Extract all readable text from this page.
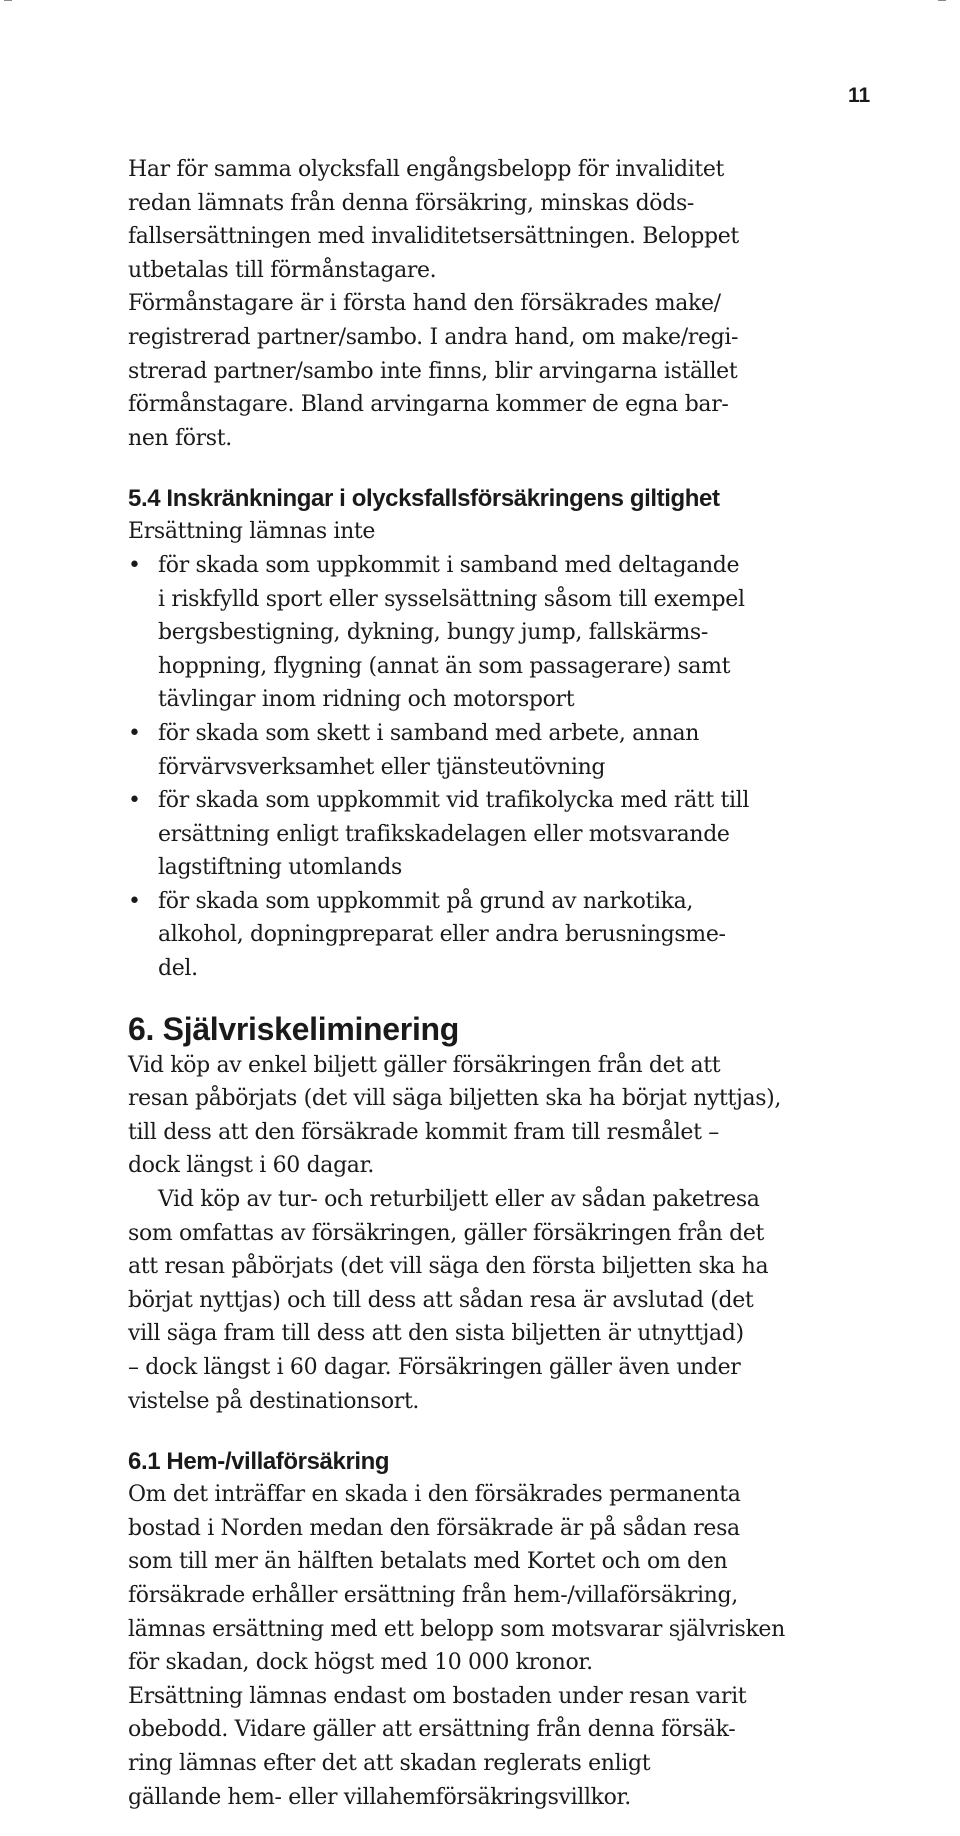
11
Har för samma olycksfall engångsbelopp för invaliditet
redan lämnats från denna försäkring, minskas döds-
fallsersättningen med invaliditetsersättningen. Beloppet
utbetalas till förmånstagare.
Förmånstagare är i första hand den försäkrades make/
registrerad partner/sambo. I andra hand, om make/regi-
strerad partner/sambo inte finns, blir arvingarna istället
förmånstagare. Bland arvingarna kommer de egna bar-
nen först.
5.4 Inskränkningar i olycksfallsförsäkringens giltighet
Ersättning lämnas inte
• för skada som uppkommit i samband med deltagande
i riskfylld sport eller sysselsättning såsom till exempel
bergsbestigning, dykning, bungy jump, fallskärms-
hoppning, flygning (annat än som passagerare) samt
tävlingar inom ridning och motorsport
• för skada som skett i samband med arbete, annan
förvärvsverksamhet eller tjänsteutövning
• för skada som uppkommit vid trafikolycka med rätt till
ersättning enligt trafikskadelagen eller motsvarande
lagstiftning utomlands
• för skada som uppkommit på grund av narkotika,
alkohol, dopningpreparat eller andra berusningsme-
del.
6. Självriskeliminering
Vid köp av enkel biljett gäller försäkringen från det att
resan påbörjats (det vill säga biljetten ska ha börjat nyttjas),
till dess att den försäkrade kommit fram till resmålet –
dock längst i 60 dagar.
Vid köp av tur- och returbiljett eller av sådan paketresa
som omfattas av försäkringen, gäller försäkringen från det
att resan påbörjats (det vill säga den första biljetten ska ha
börjat nyttjas) och till dess att sådan resa är avslutad (det
vill säga fram till dess att den sista biljetten är utnyttjad)
– dock längst i 60 dagar. Försäkringen gäller även under
vistelse på destinationsort.
6.1 Hem-/villaförsäkring
Om det inträffar en skada i den försäkrades permanenta
bostad i Norden medan den försäkrade är på sådan resa
som till mer än hälften betalats med Kortet och om den
försäkrade erhåller ersättning från hem-/villaförsäkring,
lämnas ersättning med ett belopp som motsvarar självrisken
för skadan, dock högst med 10 000 kronor.
Ersättning lämnas endast om bostaden under resan varit
obebodd. Vidare gäller att ersättning från denna försäk-
ring lämnas efter det att skadan reglerats enligt
gällande hem- eller villahemförsäkringsvillkor.
